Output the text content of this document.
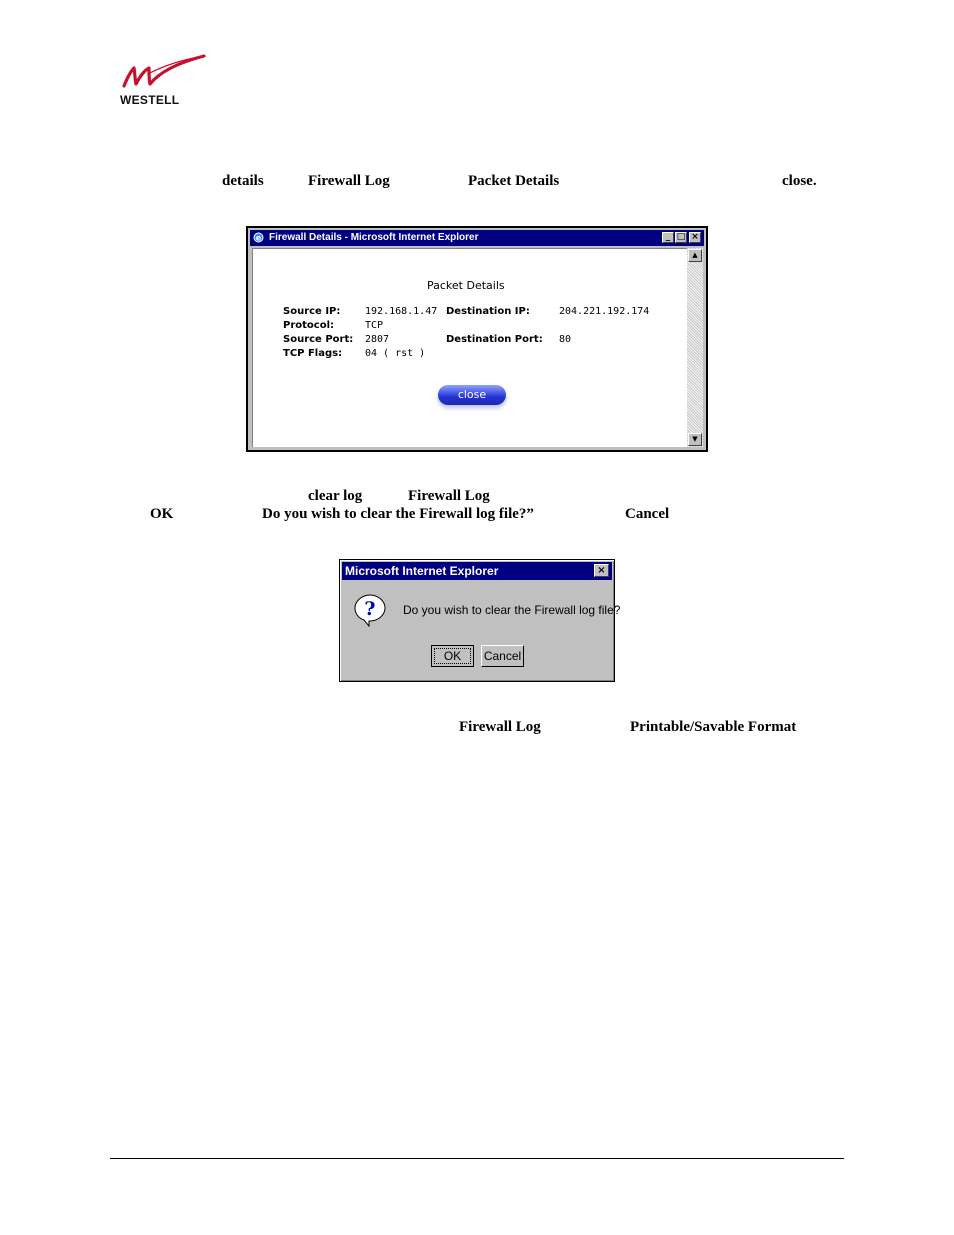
WESTELL
details	Firewall Log	Packet Details	close.
e Firewall Details - Microsoft Internet Explorer	_ □ ×
Packet Details
Source IP: 192.168.1.47 Destination IP:	204.221.192.174
Protocol:	TCP
Source Port: 2807	Destination Port: 80
TCP Flags: 04 ( rst )
close
▲
▼
clear log	Firewall Log
OK	Do you wish to clear the Firewall log file?”	Cancel
Microsoft Internet Explorer	×
? Do you wish to clear the Firewall log file?
OK	Cancel
Firewall Log	Printable/Savable Format
